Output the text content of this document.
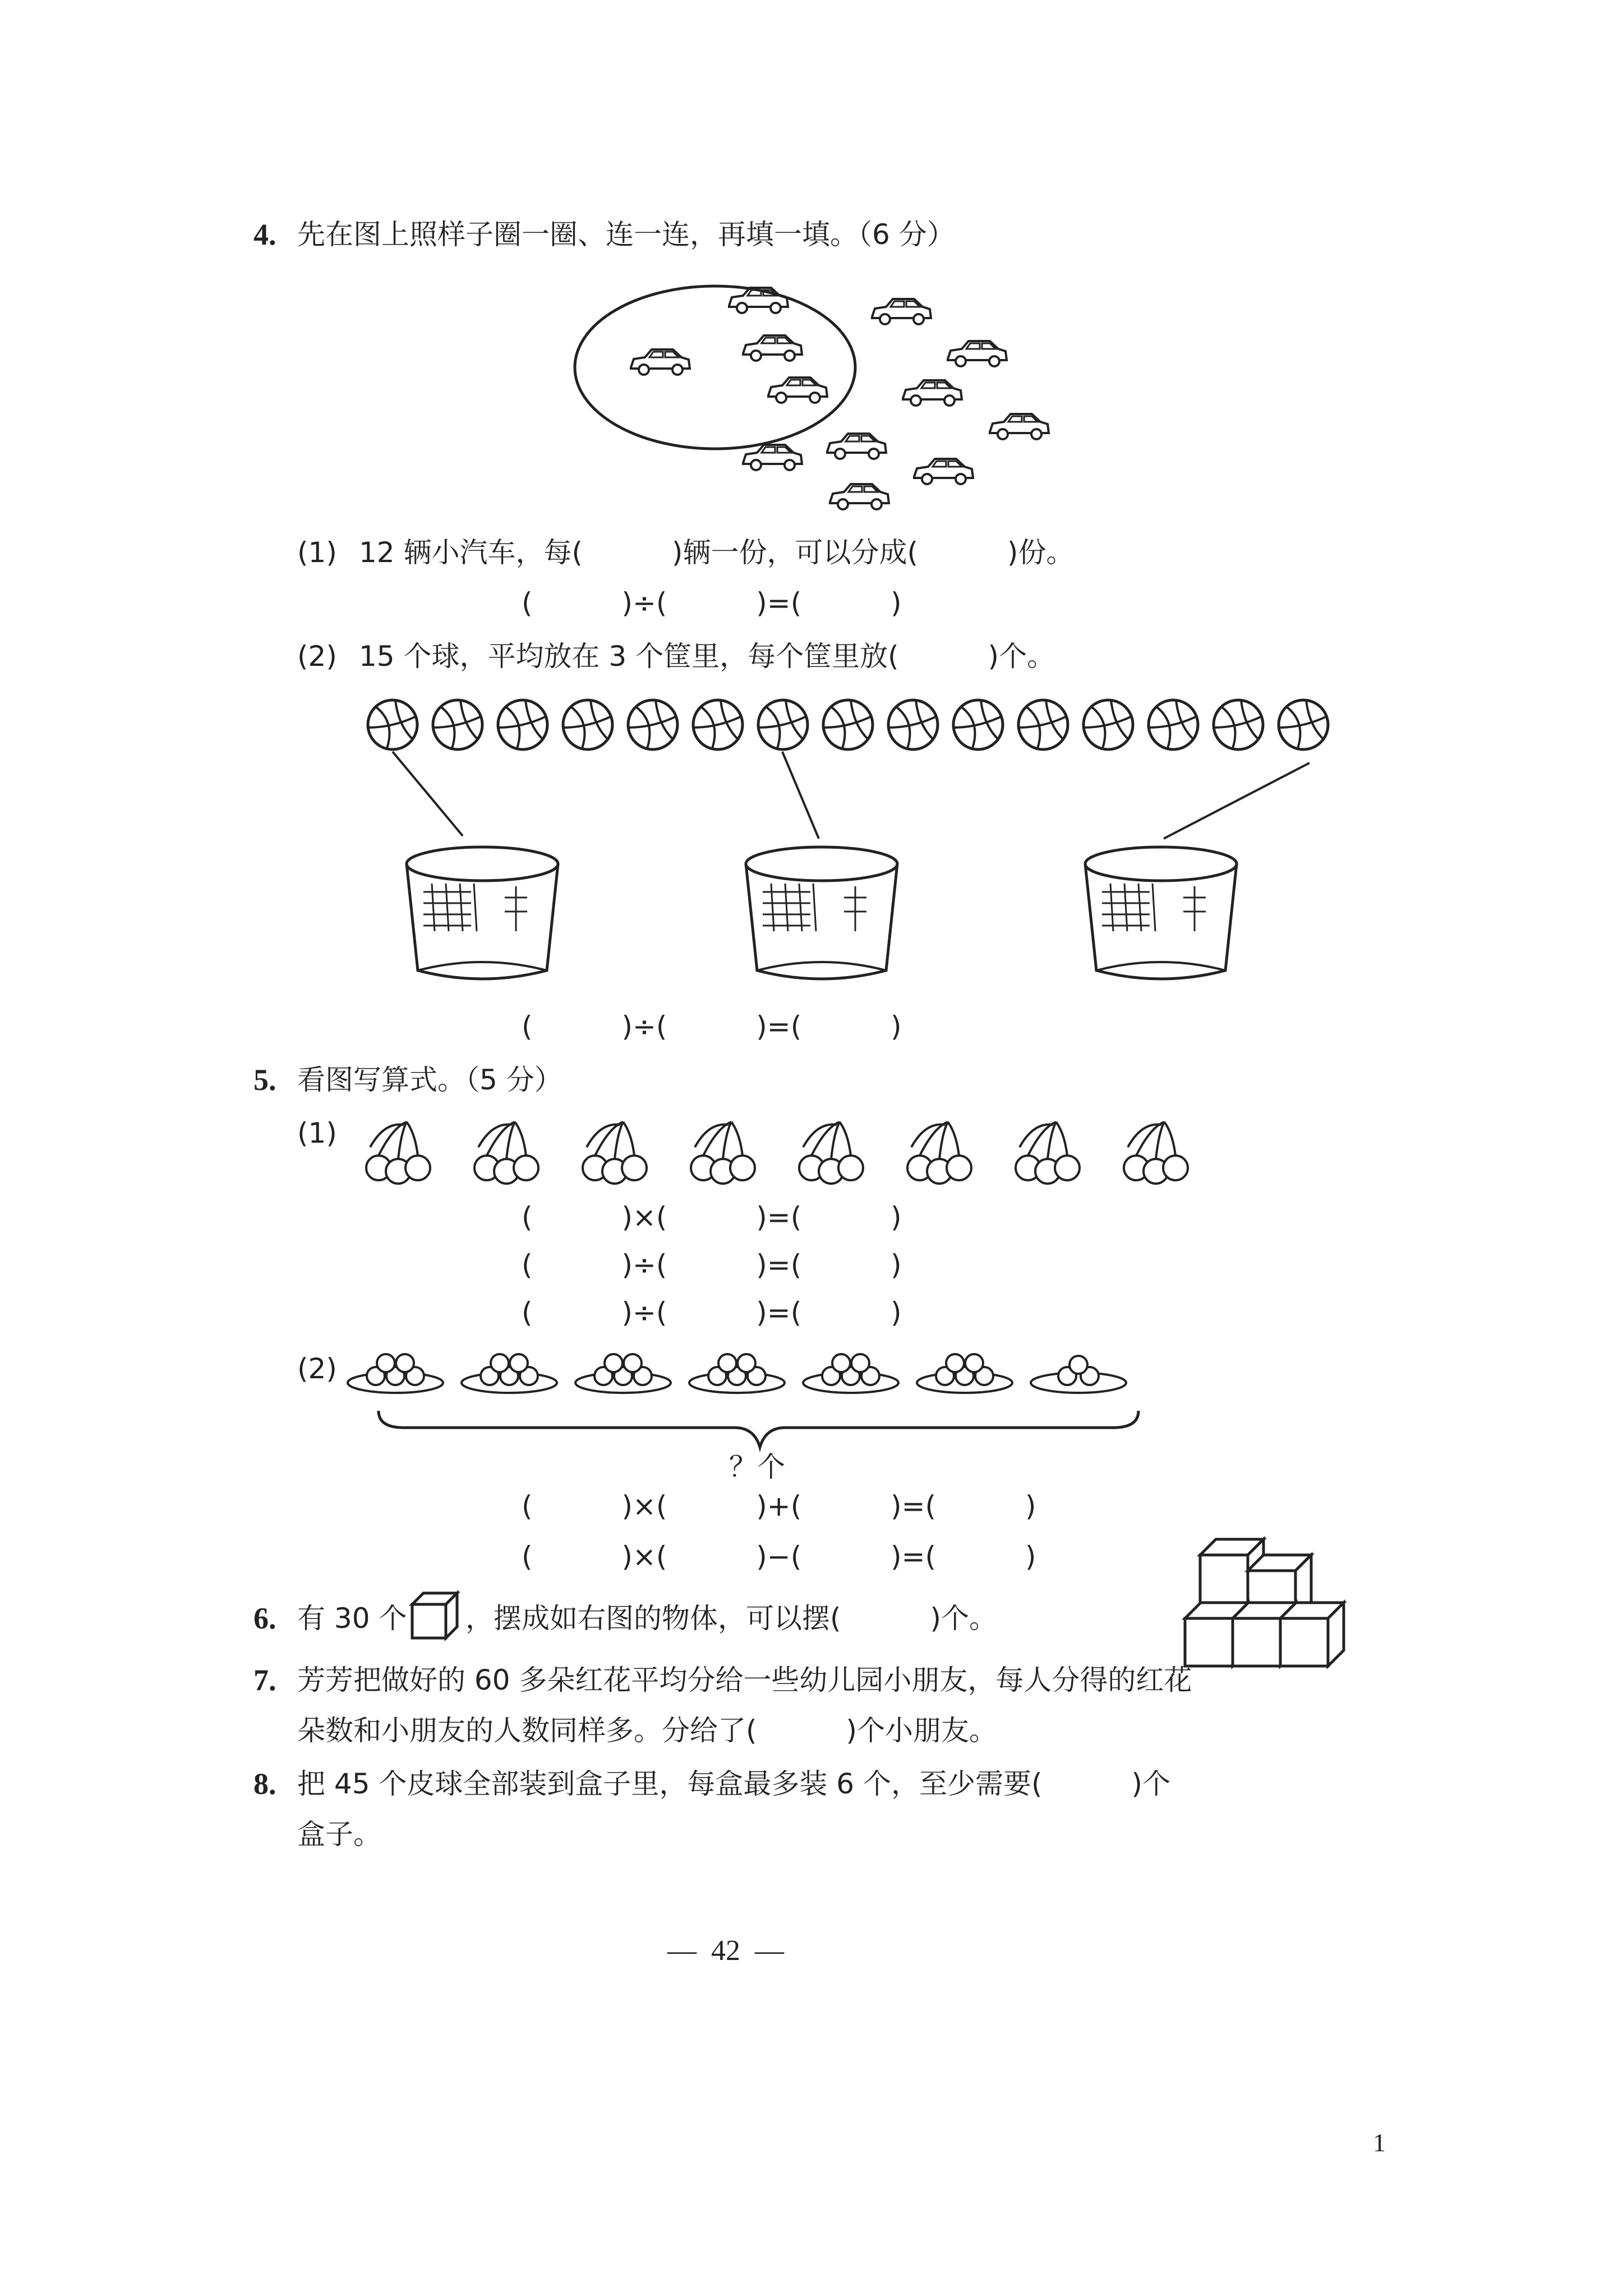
4. 先在图上照样子圈一圈、连一连，再填一填。（6 分）
(1) 12 辆小汽车，每(          )辆一份，可以分成(          )份。
(          )÷(          )=(          )
(2) 15 个球，平均放在 3 个筐里，每个筐里放(          )个。
(          )÷(          )=(          )
5. 看图写算式。（5 分）
(1)
(          )×(          )=(          )
(          )÷(          )=(          )
(          )÷(          )=(          )
(2)
？个
(          )×(          )+(          )=(          )
(          )×(          )−(          )=(          )
6. 有 30 个 ，摆成如右图的物体，可以摆(          )个。
7. 芳芳把做好的 60 多朵红花平均分给一些幼儿园小朋友，每人分得的红花
朵数和小朋友的人数同样多。分给了(          )个小朋友。
8. 把 45 个皮球全部装到盒子里，每盒最多装 6 个，至少需要(          )个
盒子。
—  42  —
1
